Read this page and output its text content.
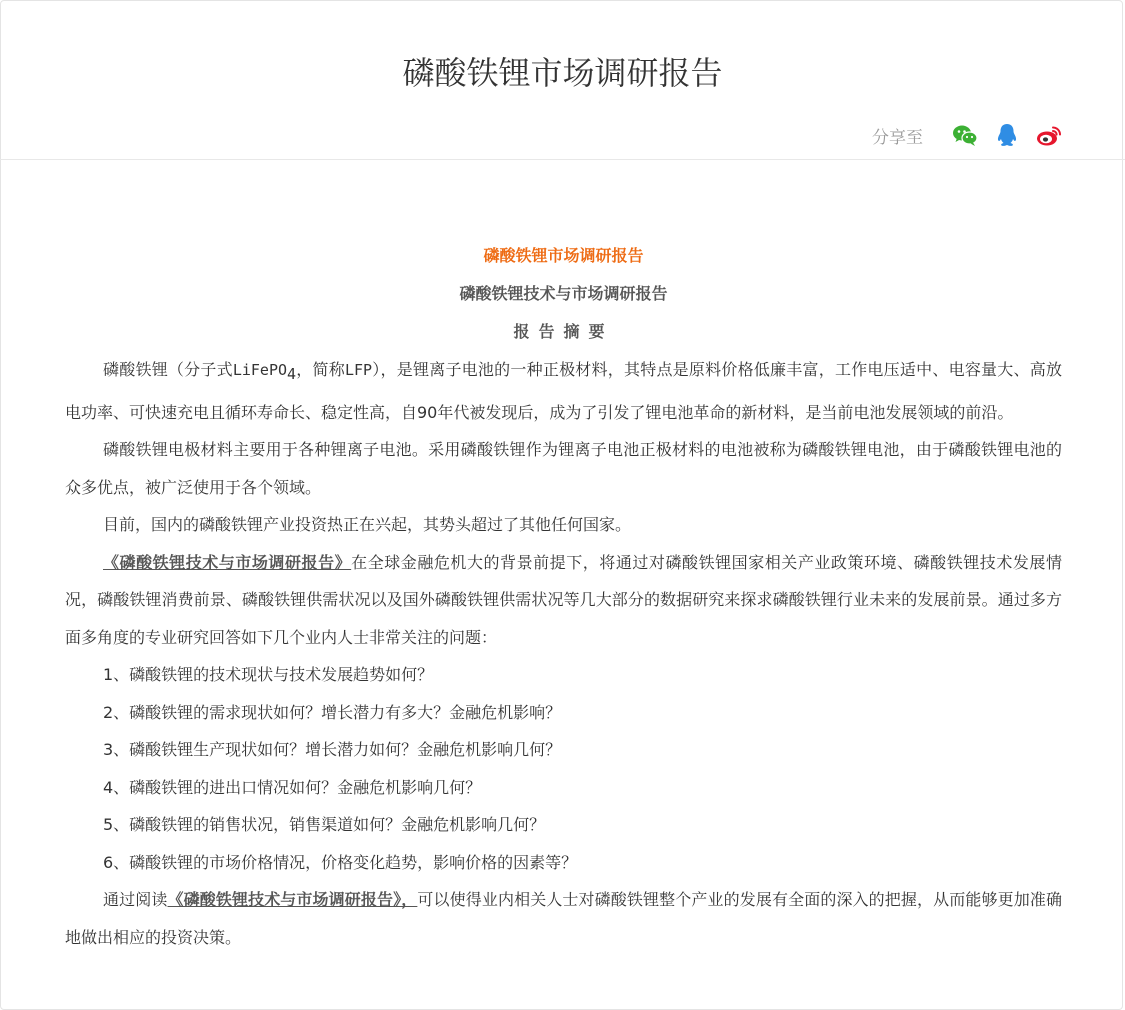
磷酸铁锂市场调研报告
分享至

磷酸铁锂市场调研报告

磷酸铁锂技术与市场调研报告

报告摘要

磷酸铁锂（分子式LiFePO$_4$，简称LFP），是锂离子电池的一种正极材料，其特点是原料价格低廉丰富，工作电压适中、电容量大、高放电功率、可快速充电且循环寿命长、稳定性高，自90年代被发现后，成为了引发了锂电池革命的新材料，是当前电池发展领域的前沿。

磷酸铁锂电极材料主要用于各种锂离子电池。采用磷酸铁锂作为锂离子电池正极材料的电池被称为磷酸铁锂电池，由于磷酸铁锂电池的众多优点，被广泛使用于各个领域。

目前，国内的磷酸铁锂产业投资热正在兴起，其势头超过了其他任何国家。

《磷酸铁锂技术与市场调研报告》在全球金融危机大的背景前提下，将通过对磷酸铁锂国家相关产业政策环境、磷酸铁锂技术发展情况，磷酸铁锂消费前景、磷酸铁锂供需状况以及国外磷酸铁锂供需状况等几大部分的数据研究来探求磷酸铁锂行业未来的发展前景。通过多方面多角度的专业研究回答如下几个业内人士非常关注的问题：

1、磷酸铁锂的技术现状与技术发展趋势如何？

2、磷酸铁锂的需求现状如何？增长潜力有多大？金融危机影响？

3、磷酸铁锂生产现状如何？增长潜力如何？金融危机影响几何？

4、磷酸铁锂的进出口情况如何？金融危机影响几何？

5、磷酸铁锂的销售状况，销售渠道如何？金融危机影响几何？

6、磷酸铁锂的市场价格情况，价格变化趋势，影响价格的因素等？

通过阅读《磷酸铁锂技术与市场调研报告》，可以使得业内相关人士对磷酸铁锂整个产业的发展有全面的深入的把握，从而能够更加准确地做出相应的投资决策。
